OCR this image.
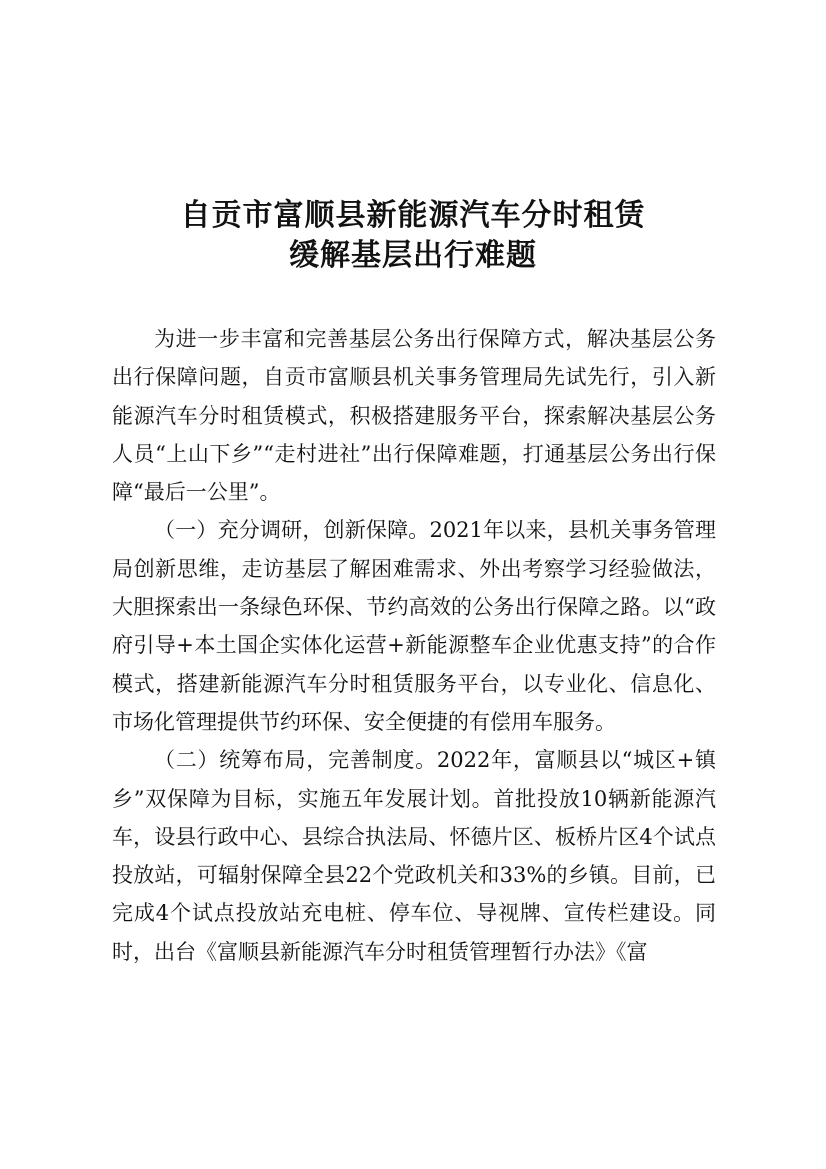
自贡市富顺县新能源汽车分时租赁
缓解基层出行难题

为进一步丰富和完善基层公务出行保障方式，解决基层公务出行保障问题，自贡市富顺县机关事务管理局先试先行，引入新能源汽车分时租赁模式，积极搭建服务平台，探索解决基层公务人员“上山下乡”“走村进社”出行保障难题，打通基层公务出行保障“最后一公里”。

（一）充分调研，创新保障。2021年以来，县机关事务管理局创新思维，走访基层了解困难需求、外出考察学习经验做法，大胆探索出一条绿色环保、节约高效的公务出行保障之路。以“政府引导+本土国企实体化运营+新能源整车企业优惠支持”的合作模式，搭建新能源汽车分时租赁服务平台，以专业化、信息化、市场化管理提供节约环保、安全便捷的有偿用车服务。

（二）统筹布局，完善制度。2022年，富顺县以“城区+镇乡”双保障为目标，实施五年发展计划。首批投放10辆新能源汽车，设县行政中心、县综合执法局、怀德片区、板桥片区4个试点投放站，可辐射保障全县22个党政机关和33%的乡镇。目前，已完成4个试点投放站充电桩、停车位、导视牌、宣传栏建设。同时，出台《富顺县新能源汽车分时租赁管理暂行办法》《富
